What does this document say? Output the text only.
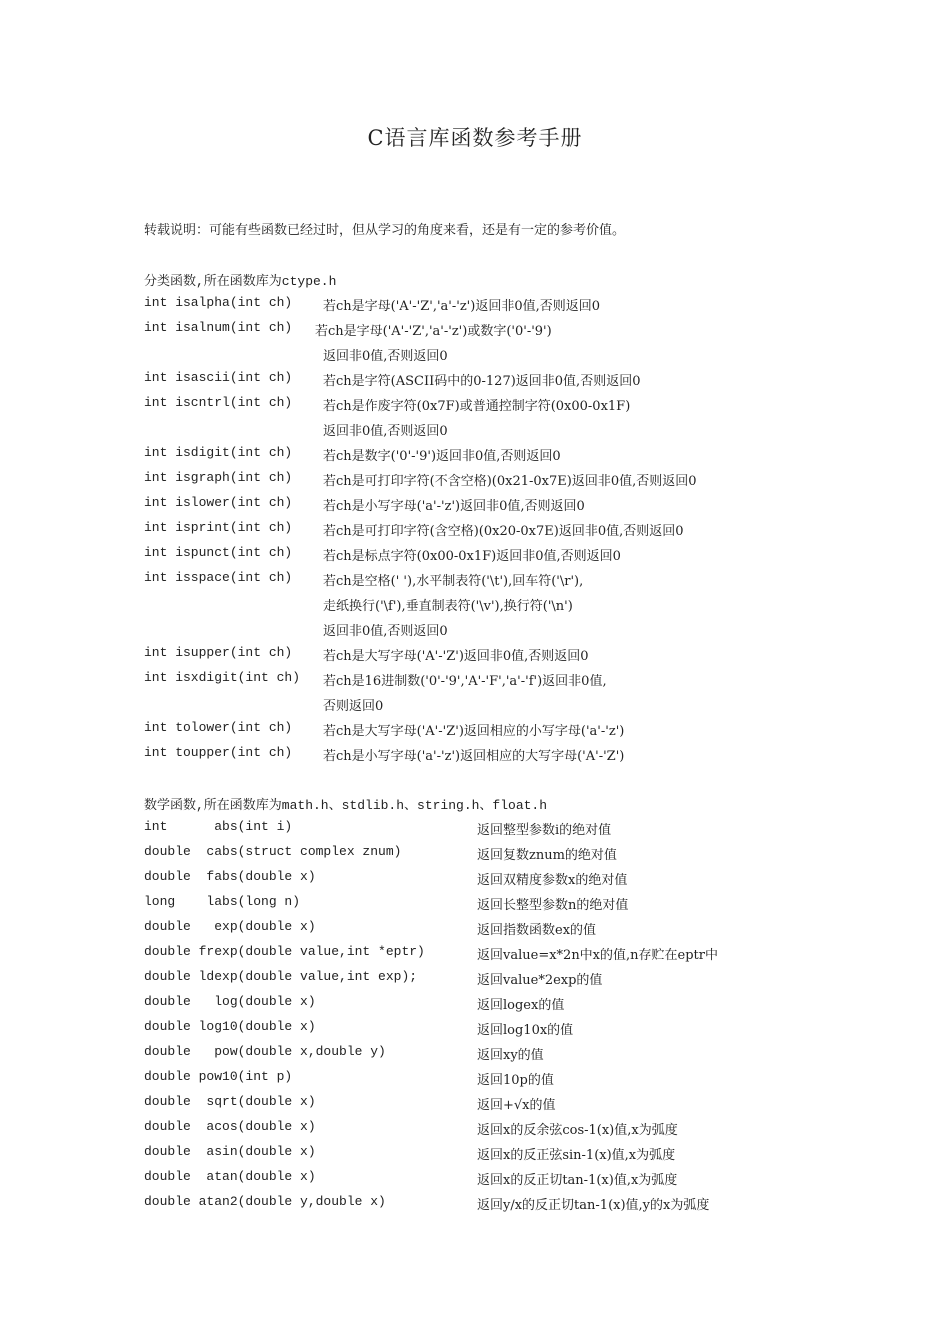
C语言库函数参考手册
转载说明：可能有些函数已经过时，但从学习的角度来看，还是有一定的参考价值。
分类函数,所在函数库为ctype.h
int isalpha(int ch) 若ch是字母('A'-'Z','a'-'z')返回非0值,否则返回0
int isalnum(int ch) 若ch是字母('A'-'Z','a'-'z')或数字('0'-'9')
返回非0值,否则返回0
int isascii(int ch) 若ch是字符(ASCII码中的0-127)返回非0值,否则返回0
int iscntrl(int ch) 若ch是作废字符(0x7F)或普通控制字符(0x00-0x1F)
返回非0值,否则返回0
int isdigit(int ch) 若ch是数字('0'-'9')返回非0值,否则返回0
int isgraph(int ch) 若ch是可打印字符(不含空格)(0x21-0x7E)返回非0值,否则返回0
int islower(int ch) 若ch是小写字母('a'-'z')返回非0值,否则返回0
int isprint(int ch) 若ch是可打印字符(含空格)(0x20-0x7E)返回非0值,否则返回0
int ispunct(int ch) 若ch是标点字符(0x00-0x1F)返回非0值,否则返回0
int isspace(int ch) 若ch是空格(' '),水平制表符('\t'),回车符('\r'),
走纸换行('\f'),垂直制表符('\v'),换行符('\n')
返回非0值,否则返回0
int isupper(int ch) 若ch是大写字母('A'-'Z')返回非0值,否则返回0
int isxdigit(int ch) 若ch是16进制数('0'-'9','A'-'F','a'-'f')返回非0值,
否则返回0
int tolower(int ch) 若ch是大写字母('A'-'Z')返回相应的小写字母('a'-'z')
int toupper(int ch) 若ch是小写字母('a'-'z')返回相应的大写字母('A'-'Z')
数学函数,所在函数库为math.h、stdlib.h、string.h、float.h
int      abs(int i)	返回整型参数i的绝对值
double  cabs(struct complex znum)	返回复数znum的绝对值
double  fabs(double x)	返回双精度参数x的绝对值
long    labs(long n)	返回长整型参数n的绝对值
double   exp(double x)	返回指数函数ex的值
double frexp(double value,int *eptr)	返回value=x*2n中x的值,n存贮在eptr中
double ldexp(double value,int exp);	返回value*2exp的值
double   log(double x)	返回logex的值
double log10(double x)	返回log10x的值
double   pow(double x,double y)	返回xy的值
double pow10(int p)	返回10p的值
double  sqrt(double x)	返回+√x的值
double  acos(double x)	返回x的反余弦cos-1(x)值,x为弧度
double  asin(double x)	返回x的反正弦sin-1(x)值,x为弧度
double  atan(double x)	返回x的反正切tan-1(x)值,x为弧度
double atan2(double y,double x)	返回y/x的反正切tan-1(x)值,y的x为弧度
